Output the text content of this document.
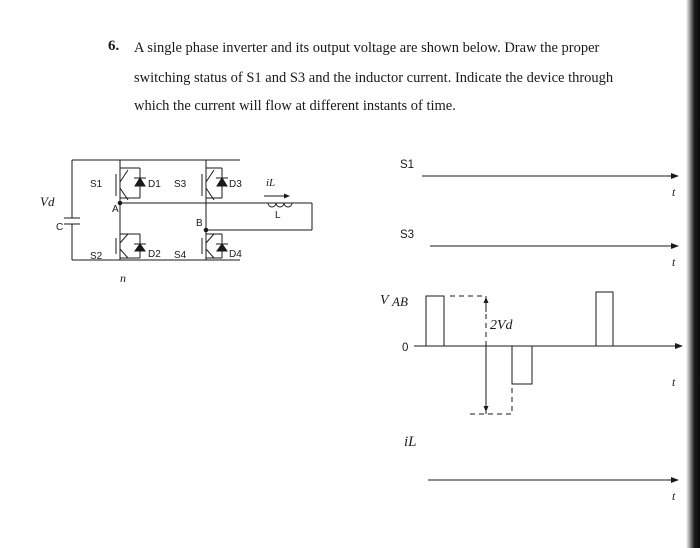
6. A single phase inverter and its output voltage are shown below. Draw the proper
switching status of S1 and S3 and the inductor current. Indicate the device through
which the current will flow at different instants of time.
Vd
C
n
A
B
L
iL
S1	S3
S2	S4
D1	D3
D2	D4
S1
S3
V AB
2Vd
0
iL
t
t
t
t
